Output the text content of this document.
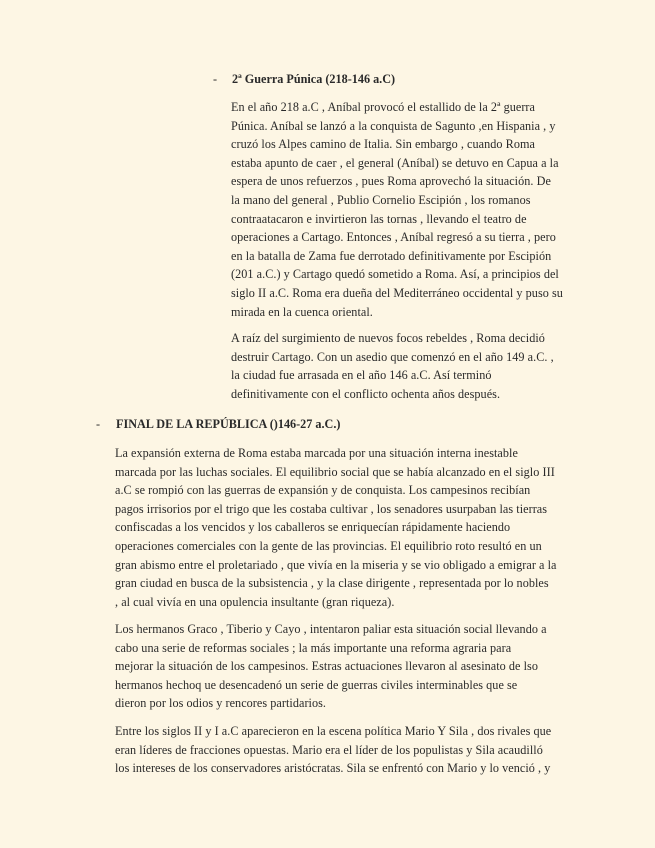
- 2ª Guerra Púnica (218-146 a.C)
En el año 218 a.C , Aníbal provocó el estallido de la 2ª guerra
Púnica. Aníbal se lanzó a la conquista de Sagunto ,en Hispania , y
cruzó los Alpes camino de Italia. Sin embargo , cuando Roma
estaba apunto de caer , el general (Aníbal) se detuvo en Capua a la
espera de unos refuerzos , pues Roma aprovechó la situación. De
la mano del general , Publio Cornelio Escipión , los romanos
contraatacaron e invirtieron las tornas , llevando el teatro de
operaciones a Cartago. Entonces , Aníbal regresó a su tierra , pero
en la batalla de Zama fue derrotado definitivamente por Escipión
(201 a.C.) y Cartago quedó sometido a Roma. Así, a principios del
siglo II a.C. Roma era dueña del Mediterráneo occidental y puso su
mirada en la cuenca oriental.
A raíz del surgimiento de nuevos focos rebeldes , Roma decidió
destruir Cartago. Con un asedio que comenzó en el año 149 a.C. ,
la ciudad fue arrasada en el año 146 a.C. Así terminó
definitivamente con el conflicto ochenta años después.
- FINAL DE LA REPÚBLICA ()146-27 a.C.)
La expansión externa de Roma estaba marcada por una situación interna inestable
marcada por las luchas sociales. El equilibrio social que se había alcanzado en el siglo III
a.C se rompió con las guerras de expansión y de conquista. Los campesinos recibían
pagos irrisorios por el trigo que les costaba cultivar , los senadores usurpaban las tierras
confiscadas a los vencidos y los caballeros se enriquecían rápidamente haciendo
operaciones comerciales con la gente de las provincias. El equilibrio roto resultó en un
gran abismo entre el proletariado , que vivía en la miseria y se vio obligado a emigrar a la
gran ciudad en busca de la subsistencia , y la clase dirigente , representada por lo nobles
, al cual vivía en una opulencia insultante (gran riqueza).
Los hermanos Graco , Tiberio y Cayo , intentaron paliar esta situación social llevando a
cabo una serie de reformas sociales ; la más importante una reforma agraria para
mejorar la situación de los campesinos. Estras actuaciones llevaron al asesinato de lso
hermanos hechoq ue desencadenó un serie de guerras civiles interminables que se
dieron por los odios y rencores partidarios.
Entre los siglos II y I a.C aparecieron en la escena política Mario Y Sila , dos rivales que
eran líderes de fracciones opuestas. Mario era el líder de los populistas y Sila acaudilló
los intereses de los conservadores aristócratas. Sila se enfrentó con Mario y lo venció , y
